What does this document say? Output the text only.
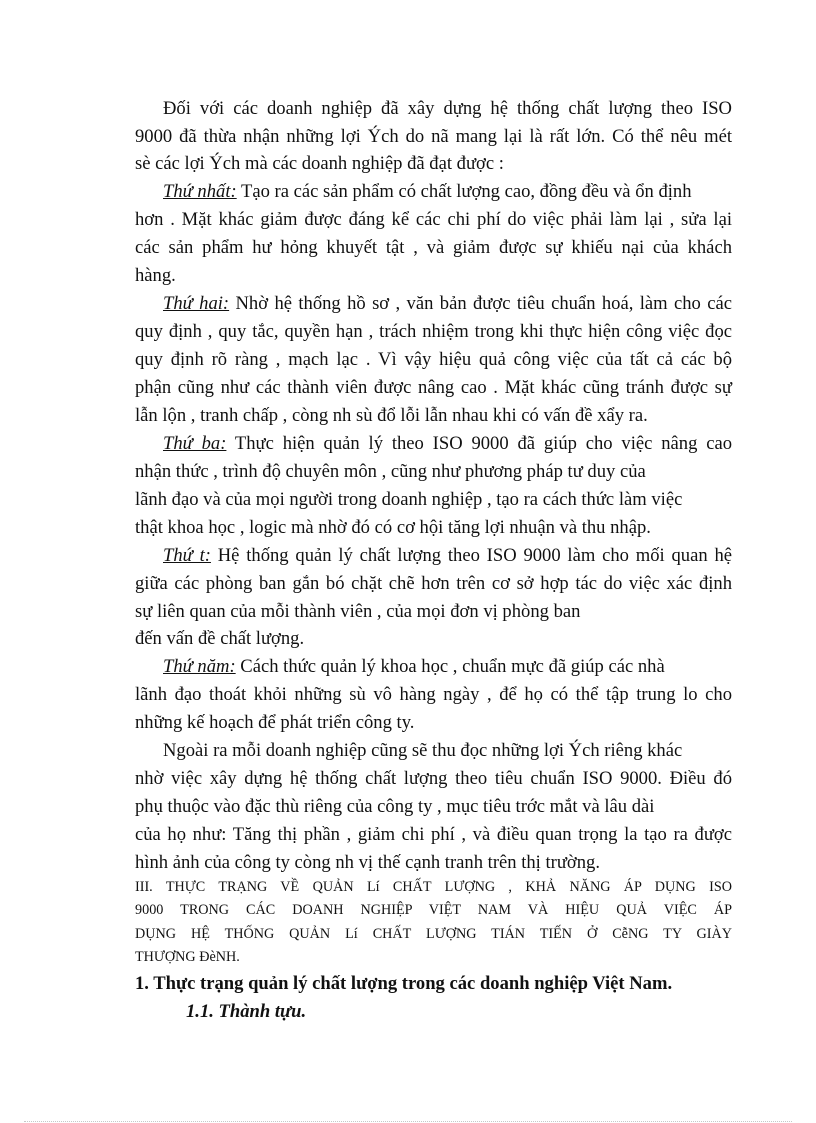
Đối với các doanh nghiệp đã xây dựng hệ thống chất lượng theo ISO

9000 đã thừa nhận những lợi Ých do nã mang lại là rất lớn. Có thể nêu mét

sè các lợi Ých mà các doanh nghiệp đã đạt được :

Thứ nhất: Tạo ra các sản phẩm có chất lượng cao, đồng đều và ổn định

hơn . Mặt khác giảm được đáng kể các chi phí do việc phải làm lại , sửa lại

các sản phẩm hư hỏng khuyết tật , và giảm được sự khiếu nại của khách

hàng.

Thứ hai: Nhờ hệ thống hồ sơ , văn bản được tiêu chuẩn hoá, làm cho các

quy định , quy tắc, quyền hạn , trách nhiệm trong khi thực hiện công việc đọc

quy định rõ ràng , mạch lạc . Vì vậy hiệu quả công việc của tất cả các bộ

phận cũng như các thành viên được nâng cao . Mặt khác cũng tránh được sự

lẫn lộn , tranh chấp , còng nh sù đổ lỗi lẫn nhau khi có vấn đề xẩy ra.

Thứ ba: Thực hiện quản lý theo ISO 9000 đã giúp cho việc nâng cao

nhận thức , trình độ chuyên môn , cũng như phương pháp tư duy của

lãnh đạo và của mọi người trong doanh nghiệp , tạo ra cách thức làm việc

thật khoa học , logic mà nhờ đó có cơ hội tăng lợi nhuận và thu nhập.

Thứ t: Hệ thống quản lý chất lượng theo ISO 9000 làm cho mối quan hệ

giữa các phòng ban gắn bó chặt chẽ hơn trên cơ sở hợp tác do việc xác định

sự liên quan của mỗi thành viên , của mọi đơn vị phòng ban

đến vấn đề chất lượng.

Thứ năm: Cách thức quản lý khoa học , chuẩn mực đã giúp các nhà

lãnh đạo thoát khỏi những sù vô hàng ngày , để họ có thể tập trung lo cho

những kế hoạch để phát triển công ty.

Ngoài ra mỗi doanh nghiệp cũng sẽ thu đọc những lợi Ých riêng khác

nhờ việc xây dựng hệ thống chất lượng theo tiêu chuẩn ISO 9000. Điều đó

phụ thuộc vào đặc thù riêng của công ty , mục tiêu trớc mắt và lâu dài

của họ như: Tăng thị phần , giảm chi phí , và điều quan trọng la tạo ra được

hình ảnh của công ty còng nh vị thế cạnh tranh trên thị trường.

III. THỰC TRẠNG VỀ QUẢN Lí CHẤT LƯỢNG , KHẢ NĂNG ÁP DỤNG ISO

9000 TRONG CÁC DOANH NGHIỆP VIỆT NAM VÀ HIỆU QUẢ VIỆC ÁP

DỤNG HỆ THỐNG QUẢN Lí CHẤT LƯỢNG TIÁN TIẾN Ở CễNG TY GIÀY

THƯỢNG ĐèNH.

1. Thực trạng quản lý chất lượng trong các doanh nghiệp Việt Nam.

1.1. Thành tựu.
